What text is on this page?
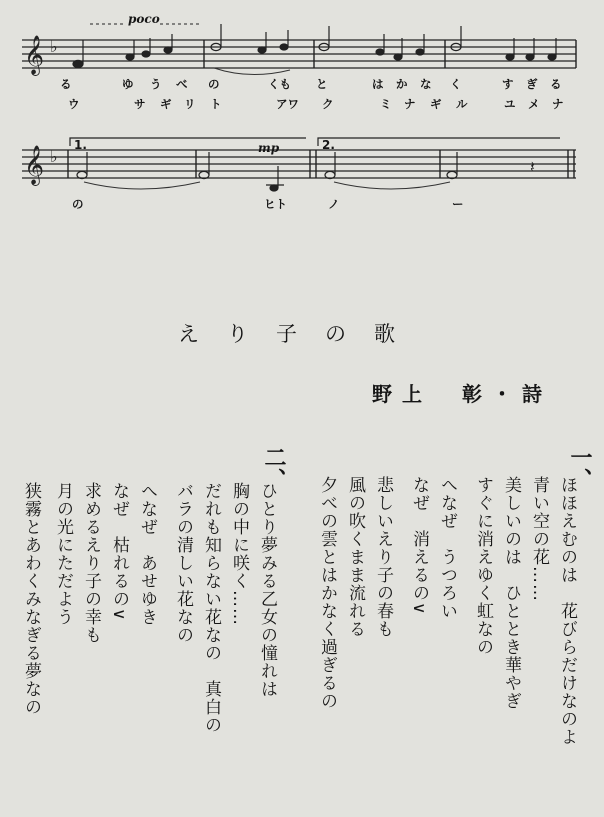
𝄞 ♭
𝄞 ♭
𝄽
poco
mp
1.	2.
る	ゆ う べ の	くも と	は か な く	す ぎ る
ウ	サ ギ リ ト	アワ ク	ミ ナ ギ ル	ユ メ ナ
の	ヒト	ノ	ー
えり子の歌
野上　彰・詩
一、
ほほえむのは　花びらだけなのよ
青い空の花……
美しいのは　ひととき華やぎ
すぐに消えゆく虹なの
へなぜ　うつろい
なぜ　消えるの∨
悲しいえり子の春も
風の吹くまま流れる
夕べの雲とはかなく過ぎるの
二、
ひとり夢みる乙女の憧れは
胸の中に咲く……
だれも知らない花なの　真白の
バラの清しい花なの
へなぜ　あせゆき
なぜ　枯れるの∨
求めるえり子の幸も
月の光にただよう
狭霧とあわくみなぎる夢なの
